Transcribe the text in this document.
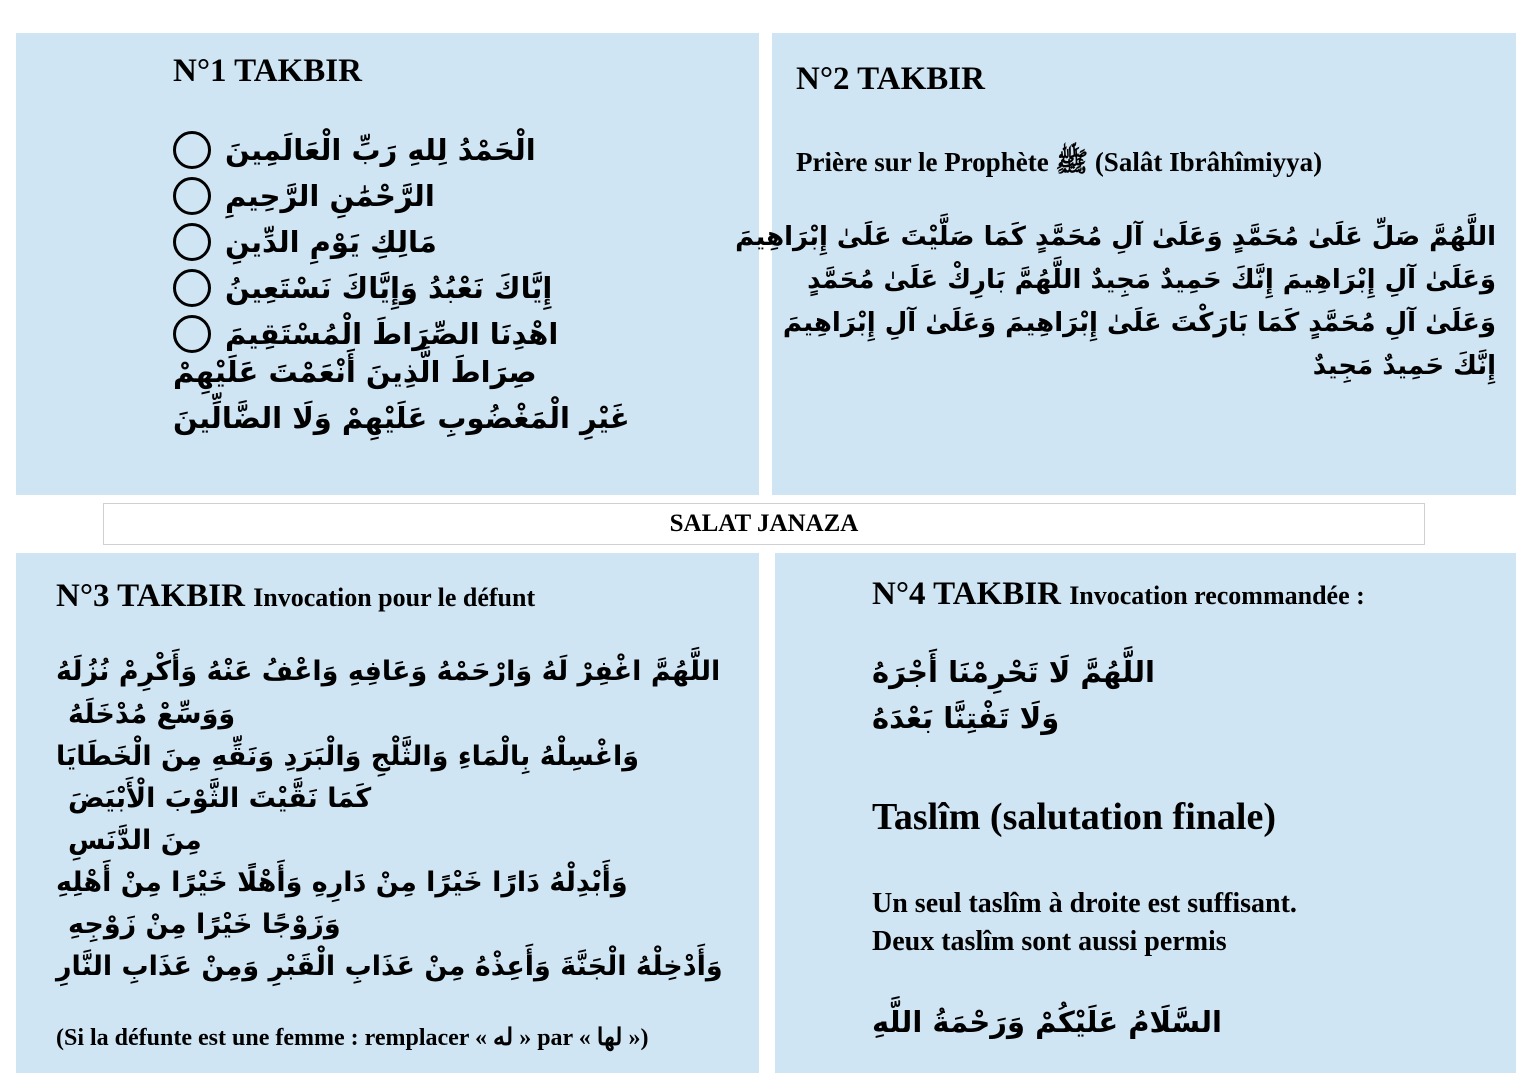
N°1 TAKBIR
الْحَمْدُ لِلهِ رَبِّ الْعَالَمِينَ
الرَّحْمَٰنِ الرَّحِيمِ
مَالِكِ يَوْمِ الدِّينِ
إِيَّاكَ نَعْبُدُ وَإِيَّاكَ نَسْتَعِينُ
اهْدِنَا الصِّرَاطَ الْمُسْتَقِيمَ
صِرَاطَ الَّذِينَ أَنْعَمْتَ عَلَيْهِمْ
غَيْرِ الْمَغْضُوبِ عَلَيْهِمْ وَلَا الضَّالِّينَ
N°2 TAKBIR
Prière sur le Prophète ﷺ (Salât Ibrâhîmiyya)
اللَّهُمَّ صَلِّ عَلَىٰ مُحَمَّدٍ وَعَلَىٰ آلِ مُحَمَّدٍ كَمَا صَلَّيْتَ عَلَىٰ إِبْرَاهِيمَ
وَعَلَىٰ آلِ إِبْرَاهِيمَ إِنَّكَ حَمِيدٌ مَجِيدٌ اللَّهُمَّ بَارِكْ عَلَىٰ مُحَمَّدٍ
وَعَلَىٰ آلِ مُحَمَّدٍ كَمَا بَارَكْتَ عَلَىٰ إِبْرَاهِيمَ وَعَلَىٰ آلِ إِبْرَاهِيمَ
إِنَّكَ حَمِيدٌ مَجِيدٌ
SALAT JANAZA
N°3 TAKBIR Invocation pour le défunt
اللَّهُمَّ اغْفِرْ لَهُ وَارْحَمْهُ وَعَافِهِ وَاعْفُ عَنْهُ وَأَكْرِمْ نُزُلَهُ
وَوَسِّعْ مُدْخَلَهُ
وَاغْسِلْهُ بِالْمَاءِ وَالثَّلْجِ وَالْبَرَدِ وَنَقِّهِ مِنَ الْخَطَايَا
كَمَا نَقَّيْتَ الثَّوْبَ الْأَبْيَضَ
مِنَ الدَّنَسِ
وَأَبْدِلْهُ دَارًا خَيْرًا مِنْ دَارِهِ وَأَهْلًا خَيْرًا مِنْ أَهْلِهِ
وَزَوْجًا خَيْرًا مِنْ زَوْجِهِ
وَأَدْخِلْهُ الْجَنَّةَ وَأَعِذْهُ مِنْ عَذَابِ الْقَبْرِ وَمِنْ عَذَابِ النَّارِ
(Si la défunte est une femme : remplacer « له » par « لها »)
N°4 TAKBIR Invocation recommandée :
اللَّهُمَّ لَا تَحْرِمْنَا أَجْرَهُ
وَلَا تَفْتِنَّا بَعْدَهُ
Taslîm (salutation finale)
Un seul taslîm à droite est suffisant.
Deux taslîm sont aussi permis
السَّلَامُ عَلَيْكُمْ وَرَحْمَةُ اللَّهِ
